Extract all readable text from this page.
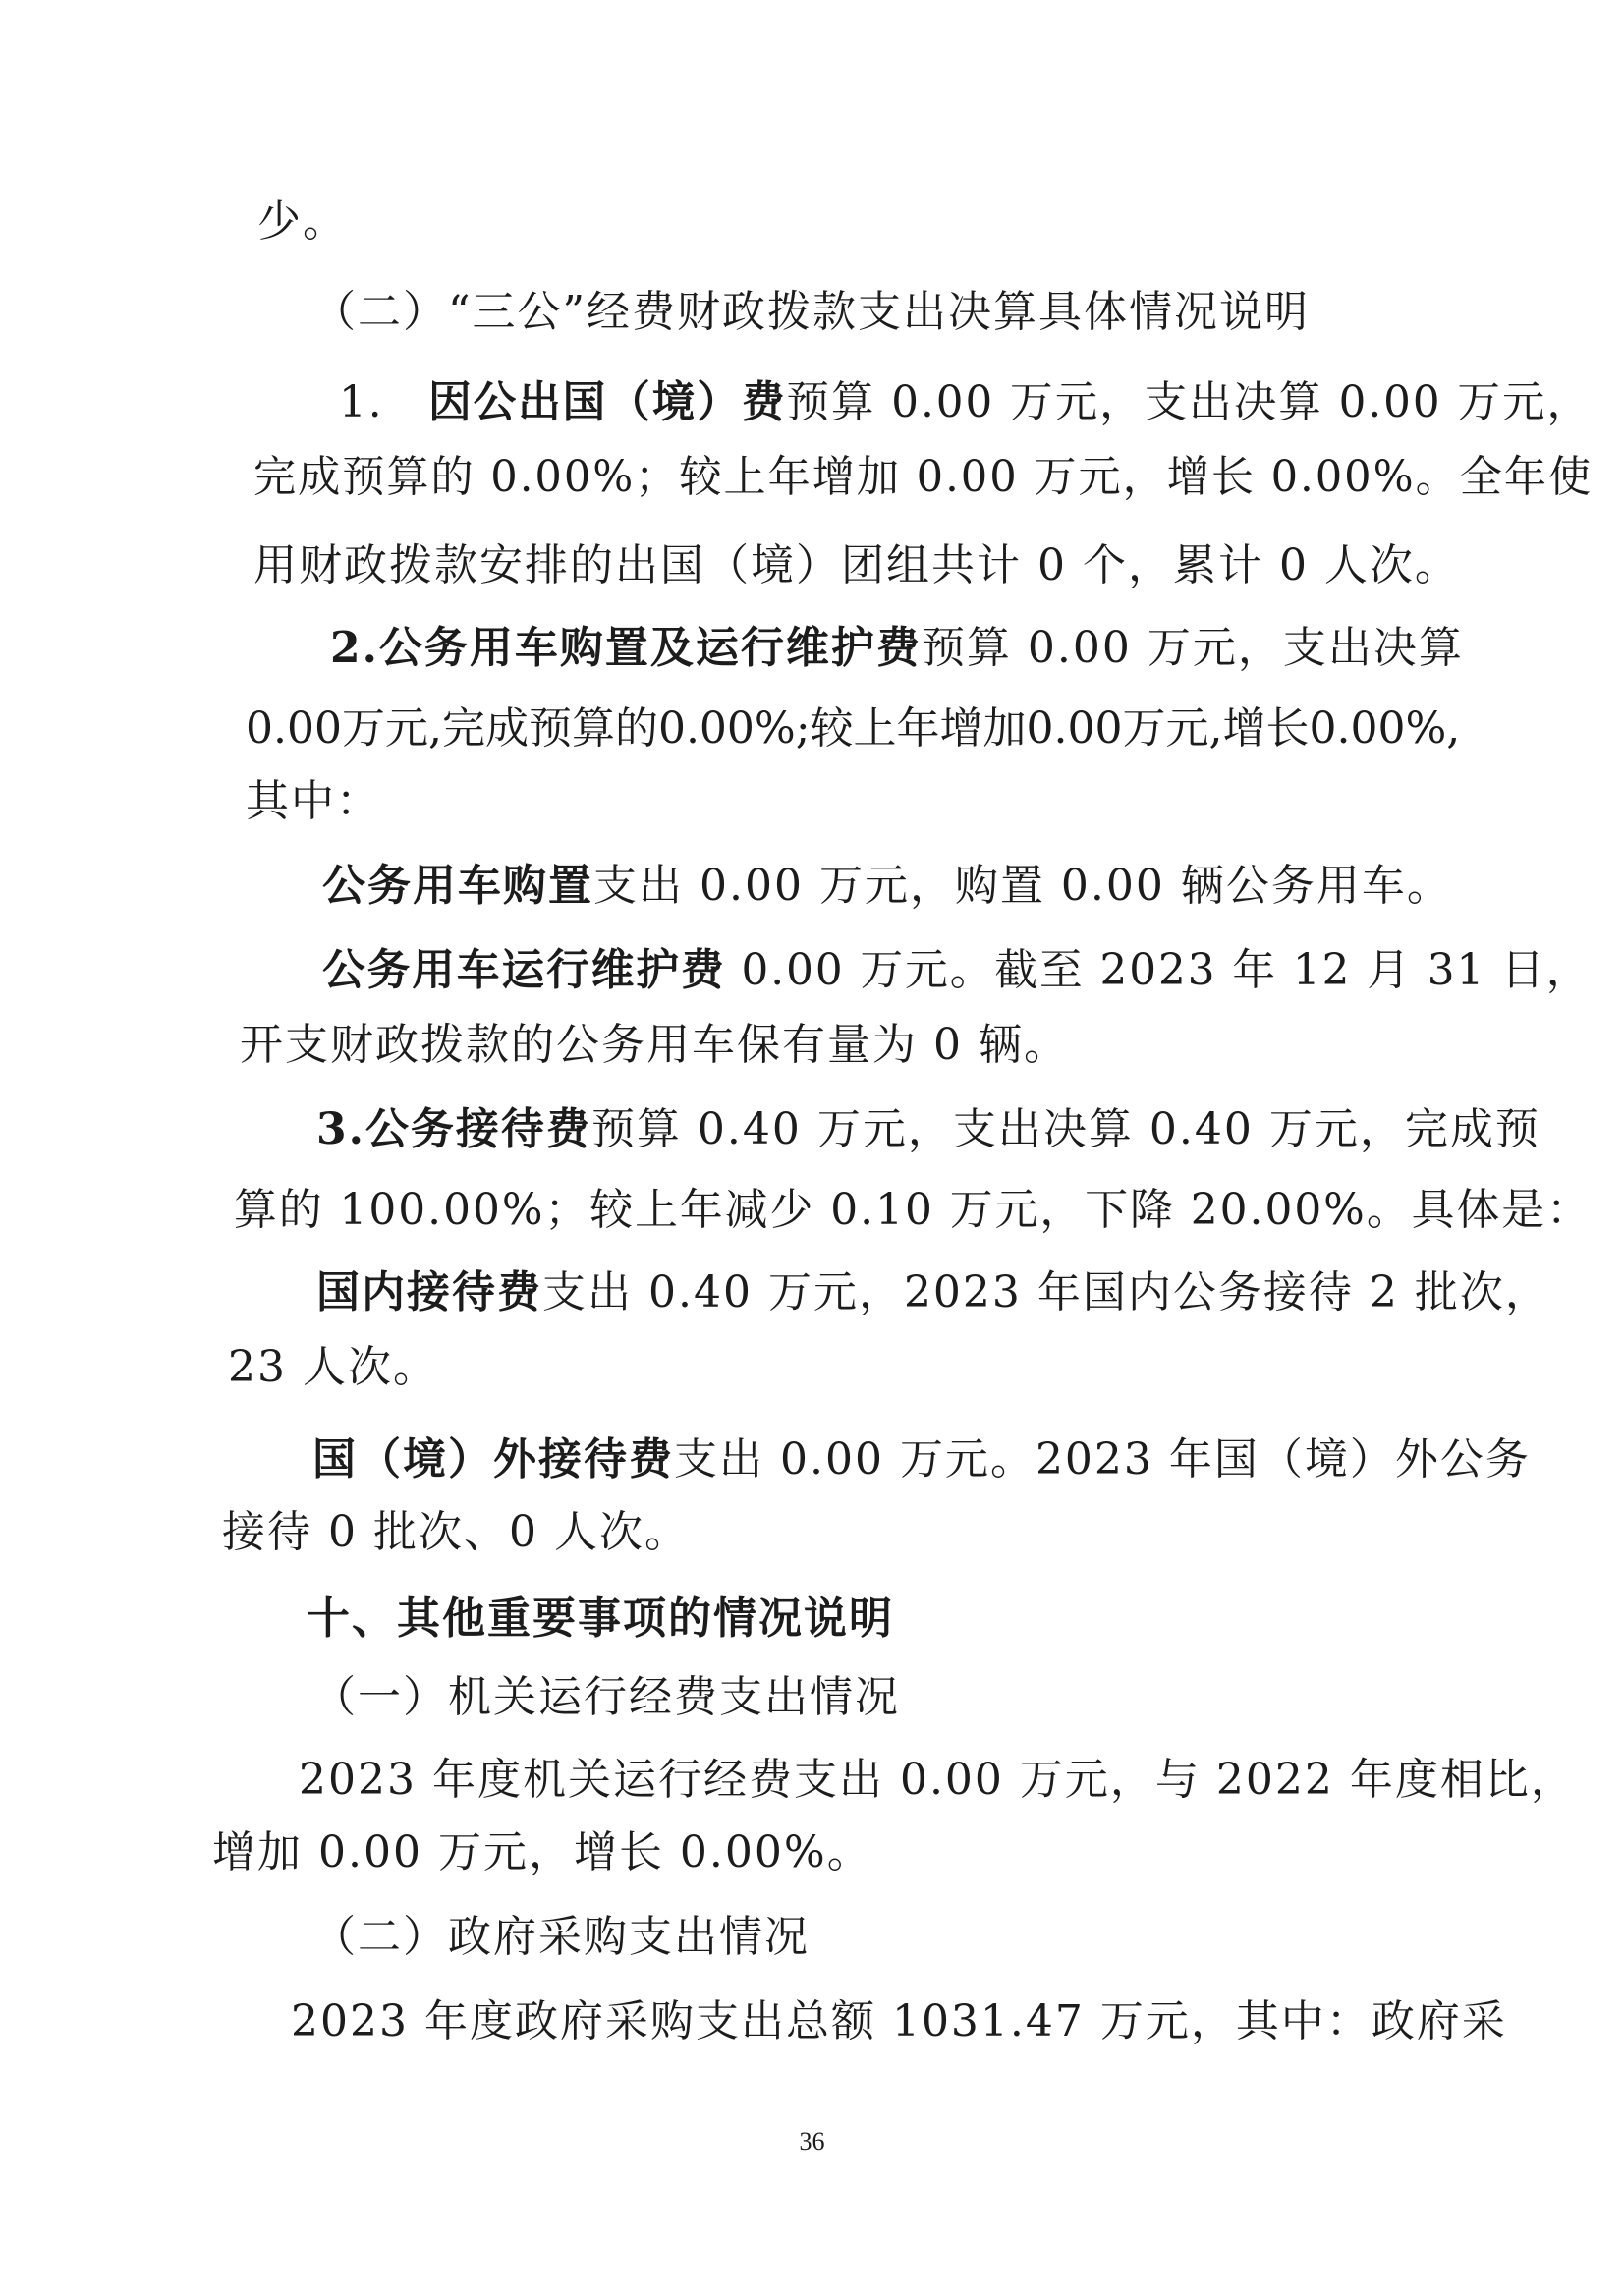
少。
（二）“三公”经费财政拨款支出决算具体情况说明
1.　因公出国（境）费预算 0.00 万元，支出决算 0.00 万元，
完成预算的 0.00%；较上年增加 0.00 万元，增长 0.00%。全年使
用财政拨款安排的出国（境）团组共计 0 个，累计 0 人次。
2.公务用车购置及运行维护费预算 0.00 万元，支出决算
0.00万元,完成预算的0.00%;较上年增加0.00万元,增长0.00%,
其中：
公务用车购置支出 0.00 万元，购置 0.00 辆公务用车。
公务用车运行维护费 0.00 万元。截至 2023 年 12 月 31 日，
开支财政拨款的公务用车保有量为 0 辆。
3.公务接待费预算 0.40 万元，支出决算 0.40 万元，完成预
算的 100.00%；较上年减少 0.10 万元，下降 20.00%。具体是：
国内接待费支出 0.40 万元，2023 年国内公务接待 2 批次，
23 人次。
国（境）外接待费支出 0.00 万元。2023 年国（境）外公务
接待 0 批次、0 人次。
十、其他重要事项的情况说明
（一）机关运行经费支出情况
2023 年度机关运行经费支出 0.00 万元，与 2022 年度相比，
增加 0.00 万元，增长 0.00%。
（二）政府采购支出情况
2023 年度政府采购支出总额 1031.47 万元，其中：政府采
36
